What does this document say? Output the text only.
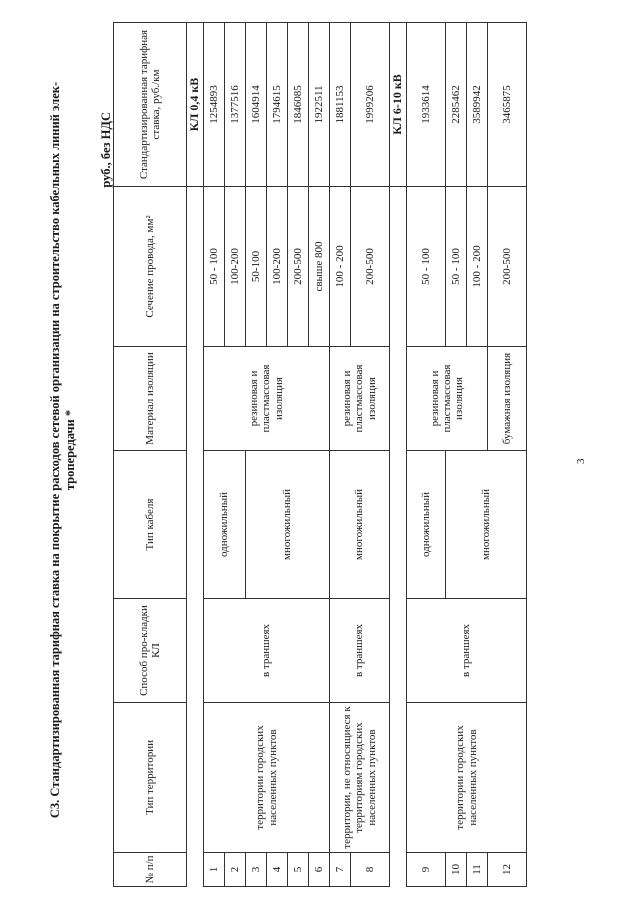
3
С3. Стандартизированная тарифная ставка на покрытие расходов сетевой организации на строительство кабельных линий элек- тропередачи *
руб., без НДС
№ п/п	Тип территории	Способ про-кладки КЛ	Тип кабеля	Материал изоляции	Сечение провода, мм²	Стандартизированная тарифная ставка, руб./км
						КЛ 0,4 кВ
1	территории городских населенных пунктов	в траншеях	одножильный	резиновая и пластмассовая изоляция	50 - 100	1254893
2					100-200	1377516
3			многожильный		50-100	1604914
4					100-200	1794615
5					200-500	1846085
6					свыше 800	1922511
7	территории, не относящиеся к территориям городских населенных пунктов	в траншеях	многожильный	резиновая и пластмассовая изоляция	100 - 200	1881153
8					200-500	1999206
						КЛ 6-10 кВ
9	территории городских населенных пунктов	в траншеях	одножильный	резиновая и пластмассовая изоляция	50 - 100	1933614
10			многожильный		50 - 100	2285462
11					100 - 200	3589942
12				бумажная изоляция	200-500	3465875
